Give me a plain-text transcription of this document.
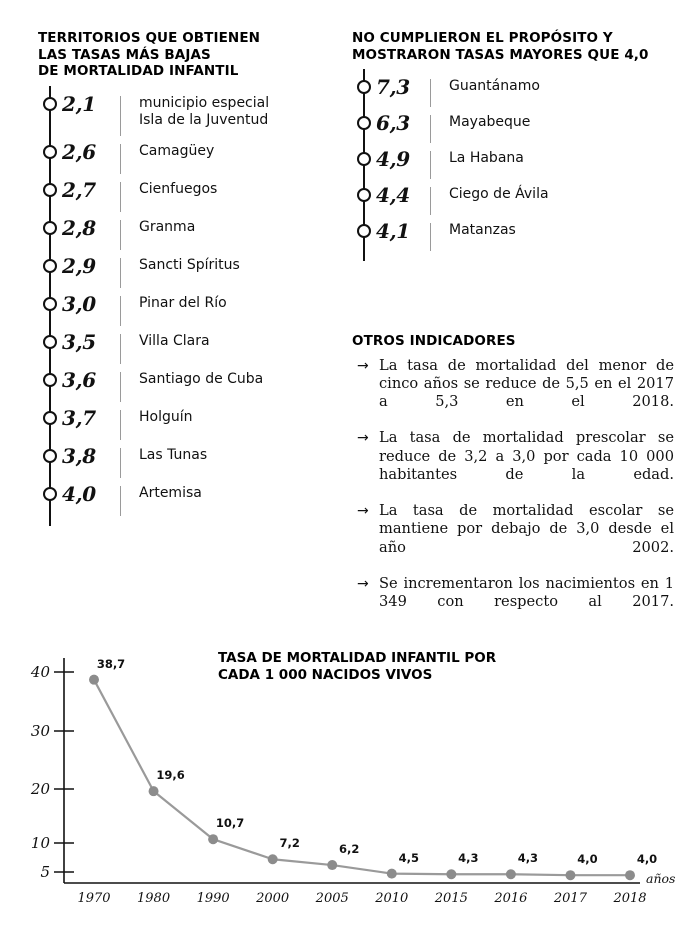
TERRITORIOS QUE OBTIENEN
LAS TASAS MÁS BAJAS
DE MORTALIDAD INFANTIL
2,1	municipio especial
Isla de la Juventud
2,6	Camagüey
2,7	Cienfuegos
2,8	Granma
2,9	Sancti Spíritus
3,0	Pinar del Río
3,5	Villa Clara
3,6	Santiago de Cuba
3,7	Holguín
3,8	Las Tunas
4,0	Artemisa
NO CUMPLIERON EL PROPÓSITO Y
MOSTRARON TASAS MAYORES QUE 4,0
7,3	Guantánamo
6,3	Mayabeque
4,9	La Habana
4,4	Ciego de Ávila
4,1	Matanzas
OTROS INDICADORES
→ La tasa de mortalidad del menor de cinco años se reduce de 5,5 en el 2017 a 5,3 en el 2018.
→ La tasa de mortalidad prescolar se reduce de 3,2 a 3,0 por cada 10 000 habitantes de la edad.
→ La tasa de mortalidad escolar se mantiene por debajo de 3,0 desde el año 2002.
→ Se incrementaron los nacimientos en 1 349 con respecto al 2017.
TASA DE MORTALIDAD INFANTIL POR
CADA 1 000 NACIDOS VIVOS
40
30
20
10
5
38,7
19,6
10,7
7,2	6,2
4,5	4,3	4,3	4,0	4,0
1970 1980 1990 2000 2005 2010 2015 2016 2017 2018
años
